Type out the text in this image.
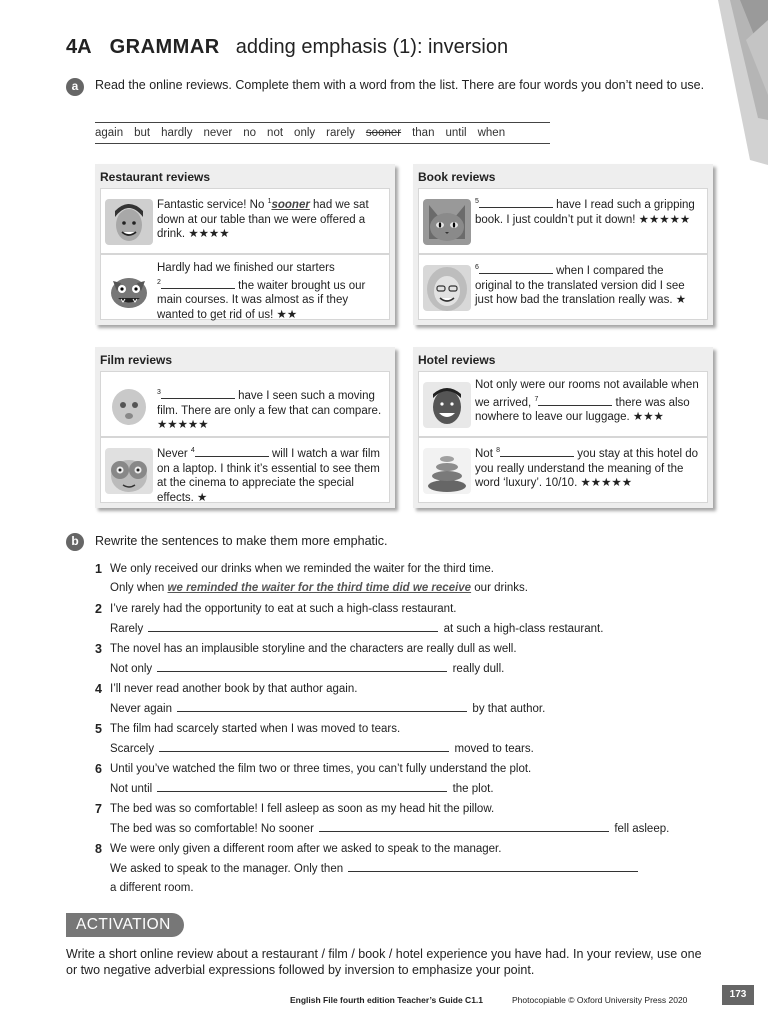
4A GRAMMAR adding emphasis (1): inversion
a	Read the online reviews. Complete them with a word from the list. There are four words you don’t need to use.
again but hardly never no not only rarely sooner than until when
Restaurant reviews
Fantastic service! No $^1$sooner had we sat down at our table than we were offered a drink. ★★★★
Hardly had we finished our starters
$^2$	the waiter brought us our main courses. It was almost as if they wanted to get rid of us! ★★
Book reviews
$^5$	have I read such a gripping book. I just couldn’t put it down! ★★★★★
$^6$	when I compared the original to the translated version did I see just how bad the translation really was. ★
Film reviews
$^3$	have I seen such a moving film. There are only a few that can compare. ★★★★★
Never $^4$	will I watch a war film on a laptop. I think it’s essential to see them at the cinema to appreciate the special effects. ★
Hotel reviews
Not only were our rooms not available when we arrived, $^7$	there was also nowhere to leave our luggage. ★★★
Not $^8$	you stay at this hotel do you really understand the meaning of the word ‘luxury’. 10/10. ★★★★★
b	Rewrite the sentences to make them more emphatic.
1 We only received our drinks when we reminded the waiter for the third time.
Only when we reminded the waiter for the third time did we receive our drinks.
2 I’ve rarely had the opportunity to eat at such a high-class restaurant.
Rarely	at such a high-class restaurant.
3 The novel has an implausible storyline and the characters are really dull as well.
Not only	really dull.
4 I’ll never read another book by that author again.
Never again	by that author.
5 The film had scarcely started when I was moved to tears.
Scarcely	moved to tears.
6 Until you’ve watched the film two or three times, you can’t fully understand the plot.
Not until	the plot.
7 The bed was so comfortable! I fell asleep as soon as my head hit the pillow.
The bed was so comfortable! No sooner	fell asleep.
8 We were only given a different room after we asked to speak to the manager.
We asked to speak to the manager. Only then
a different room.
ACTIVATION
Write a short online review about a restaurant / film / book / hotel experience you have had. In your review, use one or two negative adverbial expressions followed by inversion to emphasize your point.
English File fourth edition Teacher’s Guide C1.1	Photocopiable © Oxford University Press 2020	173
